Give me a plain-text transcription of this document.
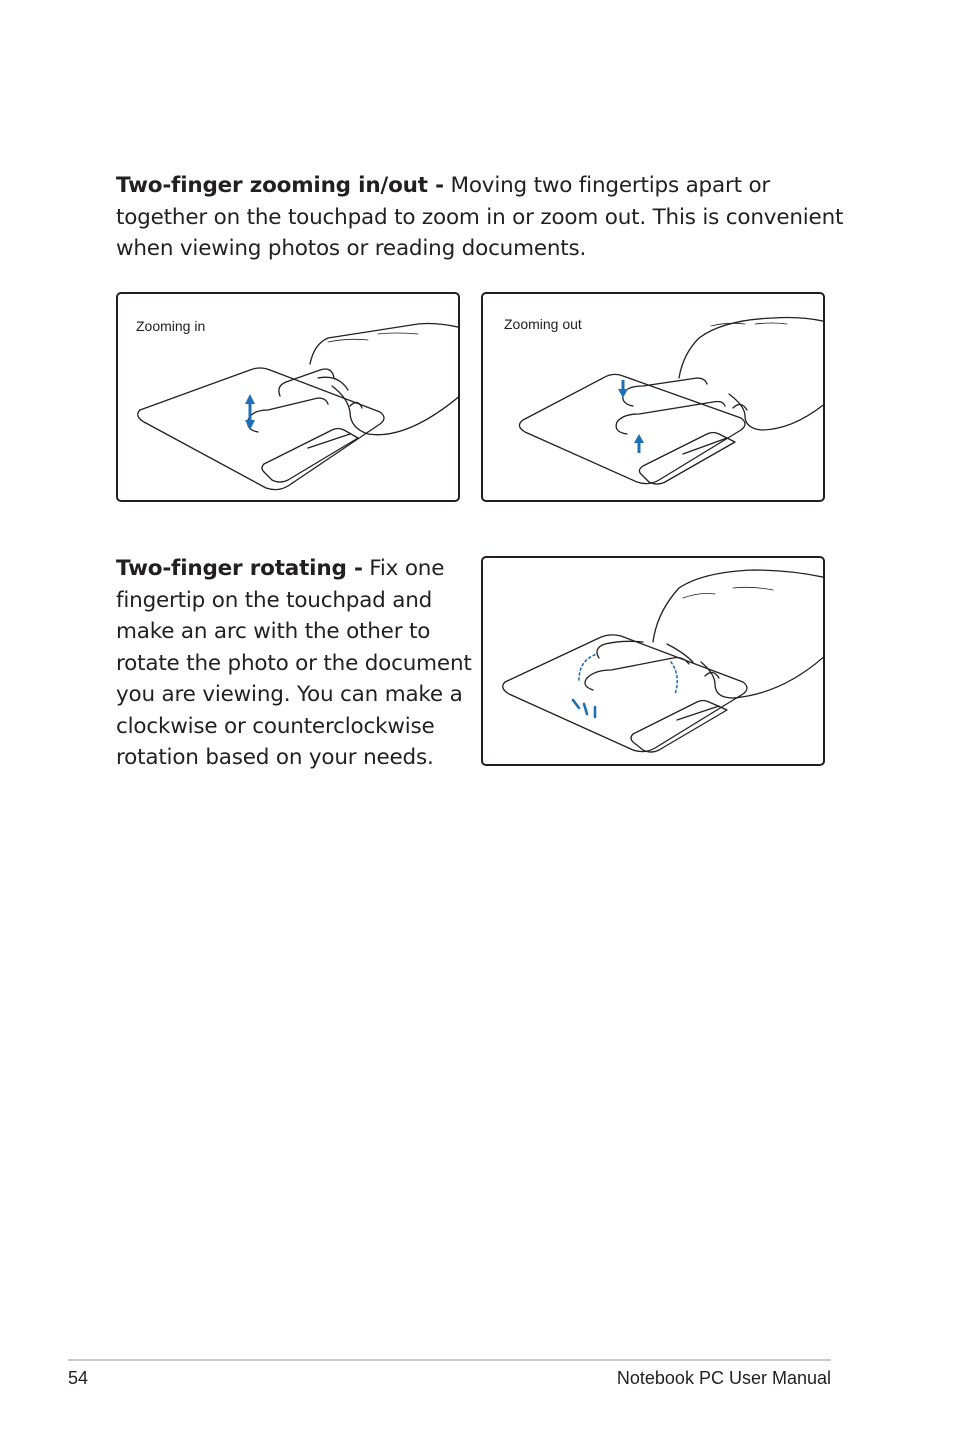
Two-finger zooming in/out - Moving two fingertips apart or together on the touchpad to zoom in or zoom out. This is convenient when viewing photos or reading documents.

Zooming in	Zooming out

Two-finger rotating - Fix one fingertip on the touchpad and make an arc with the other to rotate the photo or the document you are viewing. You can make a clockwise or counterclockwise rotation based on your needs.

54	Notebook PC User Manual
